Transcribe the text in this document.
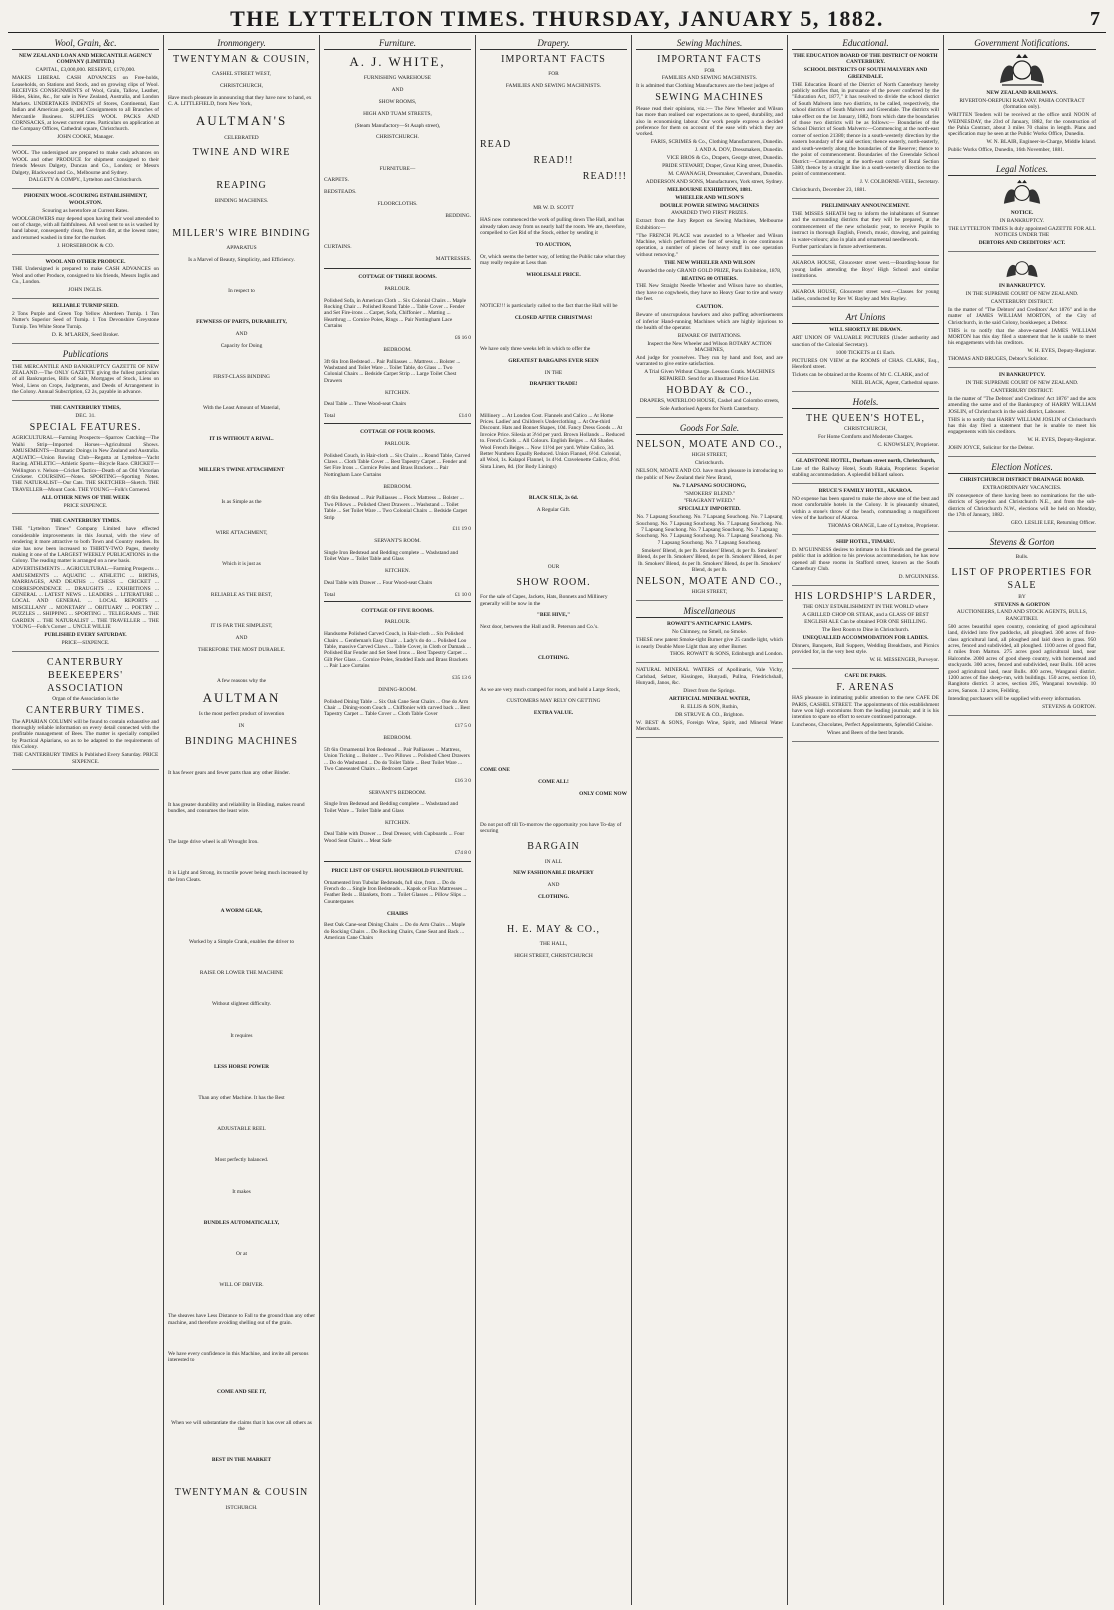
THE LYTTELTON TIMES. THURSDAY, JANUARY 5, 1882.	7
Wool, Grain, &c.

NEW ZEALAND LOAN AND MERCANTILE AGENCY COMPANY (LIMITED.)

CAPITAL, £3,000,000. RESERVE, £170,000.

MAKES LIBERAL CASH ADVANCES on Free-holds, Leaseholds, on Stations and Stock, and on growing clips of Wool. RECEIVES CONSIGNMENTS of Wool, Grain, Tallow, Leather, Hides, Skins, &c., for sale in New Zealand, Australia, and London Markets. UNDERTAKES INDENTS of Stores, Continental, East Indian and American goods, and Consignments to all Branches of Mercantile Business. SUPPLIES WOOL PACKS AND CORNSACKS, at lowest current rates. Particulars on application at the Company Offices, Cathedral square, Christchurch.

JOHN COOKE, Manager.

WOOL. The undersigned are prepared to make cash advances on WOOL and other PRODUCE for shipment consigned to their friends Messrs Dalgety, Duncan and Co., London; or Messrs Dalgety, Blackwood and Co., Melbourne and Sydney.

DALGETY & COMPY., Lyttelton and Christchurch.

PHOENIX WOOL-SCOURING ESTABLISHMENT, WOOLSTON.

Scouring as heretofore at Current Rates.

WOOLGROWERS may depend upon having their wool attended to out of charge, with all faithfulness. All wool sent to us is washed by hand labour, consequently clean, free from dirt, at the lowest rates; and returned washed in time for the market.

J. HORSEBROOK & CO.

WOOL AND OTHER PRODUCE.

THE Undersigned is prepared to make CASH ADVANCES on Wool and other Produce, consigned to his friends, Messrs Inglis and Co., London.

JOHN INGLIS.

RELIABLE TURNIP SEED.

2 Tons Purple and Green Top Yellow Aberdeen Turnip. 1 Ton Nutter's Superior Seed of Turnip. 1 Ton Devonshire Greystone Turnip. Ten White Stone Turnip.

D. R. M'LAREN, Seed Broker.

Publications

THE MERCANTILE AND BANKRUPTCY GAZETTE OF NEW ZEALAND.—The ONLY GAZETTE giving the fullest particulars of all Bankruptcies, Bills of Sale, Mortgages of Stock, Liens on Wool, Liens on Crops, Judgments, and Deeds of Arrangement in the Colony. Annual Subscription, £2 2s, payable in advance.

THE CANTERBURY TIMES,

DEC. 31.

SPECIAL FEATURES.

AGRICULTURAL—Farming Prospects—Sparrow Catching—The Waihi Strip—Imported Horses—Agricultural Shows. AMUSEMENTS—Dramatic Doings in New Zealand and Australia. AQUATIC—Union Rowing Club—Regatta at Lyttelton—Yacht Racing. ATHLETIC—Athletic Sports—Bicycle Race. CRICKET—Wellington v. Nelson—Cricket Tactics—Death of an Old Victorian Cricketer. COURSING—Notes. SPORTING—Sporting Notes. THE NATURALIST—Our Cats. THE SKETCHER—Sketch. THE TRAVELLER—Mount Cook. THE YOUNG—Folk's Cornered.

ALL OTHER NEWS OF THE WEEK

PRICE SIXPENCE.

THE CANTERBURY TIMES.

THE "Lyttelton Times" Company Limited have effected considerable improvements in this Journal, with the view of rendering it more attractive to both Town and Country readers. Its size has now been increased to THIRTY-TWO Pages, thereby making it one of the LARGEST WEEKLY PUBLICATIONS in the Colony. The reading matter is arranged on a new basis.

ADVERTISEMENTS ... AGRICULTURAL—Farming Prospects ... AMUSEMENTS ... AQUATIC ... ATHLETIC ... BIRTHS, MARRIAGES, AND DEATHS ... CHESS ... CRICKET ... CORRESPONDENCE ... DRAUGHTS ... EXHIBITIONS ... GENERAL ... LATEST NEWS ... LEADERS ... LITERATURE ... LOCAL AND GENERAL ... LOCAL REPORTS ... MISCELLANY ... MONETARY ... OBITUARY ... POETRY ... PUZZLES ... SHIPPING ... SPORTING ... TELEGRAMS ... THE GARDEN ... THE NATURALIST ... THE TRAVELLER ... THE YOUNG—Folk's Corner ... UNCLE WILLIE

PUBLISHED EVERY SATURDAY.

PRICE—SIXPENCE.

CANTERBURY BEEKEEPERS' ASSOCIATION

Organ of the Association is the

CANTERBURY TIMES.

The APIARIAN COLUMN will be found to contain exhaustive and thoroughly reliable information on every detail connected with the profitable management of Bees. The matter is specially compiled by Practical Apiarians, so as to be adapted to the requirements of this Colony.

THE CANTERBURY TIMES Is Published Every Saturday. PRICE SIXPENCE.

Ironmongery.

TWENTYMAN & COUSIN,

CASHEL STREET WEST,

CHRISTCHURCH,

Have much pleasure in announcing that they have now to hand, ex C. A. LITTLEFIELD, from New York,

AULTMAN'S

CELEBRATED

TWINE AND WIRE

REAPING

BINDING MACHINES.

MILLER'S WIRE BINDING

APPARATUS

Is a Marvel of Beauty, Simplicity, and Efficiency.

In respect to

FEWNESS OF PARTS, DURABILITY,

AND

Capacity for Doing

FIRST-CLASS BINDING

With the Least Amount of Material,

IT IS WITHOUT A RIVAL.

MILLER'S TWINE ATTACHMENT

Is as Simple as the

WIRE ATTACHMENT,

Which it is just as

RELIABLE AS THE BEST,

IT IS FAR THE SIMPLEST,

AND

THEREFORE THE MOST DURABLE.

A few reasons why the

AULTMAN

Is the most perfect product of invention

IN

BINDING MACHINES

It has fewer gears and fewer parts than any other Binder.

It has greater durability and reliability in Binding, makes round bundles, and consumes the least wire.

The large drive wheel is all Wrought Iron.

It is Light and Strong, its tractile power being much increased by the Iron Cleats.

A WORM GEAR,

Worked by a Simple Crank, enables the driver to

RAISE OR LOWER THE MACHINE

Without slightest difficulty.

It requires

LESS HORSE POWER

Than any other Machine. It has the Best

ADJUSTABLE REEL

Most perfectly balanced.

It makes

BUNDLES AUTOMATICALLY,

Or at

WILL OF DRIVER.

The sheaves have Less Distance to Fall to the ground than any other machine, and therefore avoiding shelling out of the grain.

We have every confidence in this Machine, and invite all persons interested to

COME AND SEE IT,

When we will substantiate the claims that it has over all others as the

BEST IN THE MARKET

TWENTYMAN & COUSIN

ISTCHURCH.

Furniture.

A. J. WHITE,

FURNISHING WAREHOUSE

AND

SHOW ROOMS,

HIGH AND TUAM STREETS,

(Steam Manufactory—St Asaph street),

CHRISTCHURCH.

FURNITURE—

CARPETS.

BEDSTEADS.

FLOORCLOTHS.

BEDDING.

CURTAINS.

MATTRESSES.

COTTAGE OF THREE ROOMS.

PARLOUR.

Polished Sofa, in American Cloth ... Six Colonial Chairs ... Maple Rocking Chair ... Polished Round Table ... Table Cover ... Fender and Set Fire-irons ... Carpet, Sofa, Chiffonier ... Matting ... Hearthrug ... Cornice Poles, Rings ... Pair Nottingham Lace Curtains

£6 16 0

BEDROOM.

3ft 6in Iron Bedstead ... Pair Palliasses ... Mattress ... Bolster ... Washstand and Toilet Ware ... Toilet Table, do Glass ... Two Colonial Chairs ... Bedside Carpet Strip ... Large Toilet Chest Drawers

KITCHEN.

Deal Table ... Three Wood-seat Chairs

Total	£14 0

COTTAGE OF FOUR ROOMS.

PARLOUR.

Polished Couch, in Hair-cloth ... Six Chairs ... Round Table, Carved Claws ... Cloth Table Cover ... Best Tapestry Carpet ... Fender and Set Fire Irons ... Cornice Poles and Brass Brackets ... Pair Nottingham Lace Curtains

BEDROOM.

4ft 6in Bedstead ... Pair Palliasses ... Flock Mattress ... Bolster ... Two Pillows ... Polished Chest Drawers ... Washstand ... Toilet Table ... Set Toilet Ware ... Two Colonial Chairs ... Bedside Carpet Strip

£11 19 0

SERVANT'S ROOM.

Single Iron Bedstead and Bedding complete ... Washstand and Toilet Ware ... Toilet Table and Glass

KITCHEN.

Deal Table with Drawer ... Four Wood-seat Chairs

Total	£1 10 0

COTTAGE OF FIVE ROOMS.

PARLOUR.

Handsome Polished Carved Couch, in Hair-cloth ... Six Polished Chairs ... Gentleman's Easy Chair ... Lady's do do ... Polished Loo Table, massive Carved Claws ... Table Cover, in Cloth or Damask ... Polished Bar Fender and Set Steel Irons ... Best Tapestry Carpet ... Gilt Pier Glass ... Cornice Poles, Studded Ends and Brass Brackets ... Pair Lace Curtains

£35 13 6

DINING-ROOM.

Polished Dining Table ... Six Oak Cane Seat Chairs ... One do Arm Chair ... Dining-room Couch ... Chiffonier with carved back ... Best Tapestry Carpet ... Table Cover ... Cloth Table Cover

£17 5 0

BEDROOM.

5ft 6in Ornamental Iron Bedstead ... Pair Palliasses ... Mattress, Union Ticking ... Bolster ... Two Pillows ... Polished Chest Drawers ... Do do Washstand ... Do do Toilet Table ... Best Toilet Ware ... Two Caneseated Chairs ... Bedroom Carpet

£16 3 0

SERVANT'S BEDROOM.

Single Iron Bedstead and Bedding complete ... Washstand and Toilet Ware ... Toilet Table and Glass

KITCHEN.

Deal Table with Drawer ... Deal Dresser, with Cupboards ... Four Wood Seat Chairs ... Meat Safe

£74 8 0

PRICE LIST OF USEFUL HOUSEHOLD FURNITURE.

Ornamented Iron Tubular Bedsteads, full size, from ... Do do French do ... Single Iron Bedsteads ... Kapok or Flax Mattresses ... Feather Beds ... Blankets, from ... Toilet Glasses ... Pillow Slips ... Counterpanes

CHAIRS

Best Oak Cane-seat Dining Chairs ... Do do Arm Chairs ... Maple do Rocking Chairs ... Do Rocking Chairs, Cane Seat and Back ... American Cane Chairs

Drapery.

IMPORTANT FACTS

FOR

FAMILIES AND SEWING MACHINISTS.

READ

READ!!

READ!!!

MR W. D. SCOTT

HAS now commenced the work of pulling down The Hall, and has already taken away from us nearly half the room. We are, therefore, compelled to Get Rid of the Stock, either by sending it

TO AUCTION,

Or, which seems the better way, of letting the Public take what they may really require at Less than

WHOLESALE PRICE.

NOTICE!!! is particularly called to the fact that the Hall will be

CLOSED AFTER CHRISTMAS!

We have only three weeks left in which to offer the

GREATEST BARGAINS EVER SEEN

IN THE

DRAPERY TRADE!

Millinery ... At London Cost. Flannels and Calico ... At Home Prices. Ladies' and Children's Underclothing ... At One-third Discount. Hats and Bonnet Shapes, 10d. Fancy Dress Goods ... At Invoice Price. Silesia at 3½d per yard. Brown Hollands ... Reduced to. French Cords ... All Colours. English Beiges ... All Shades. Wool French Beiges ... Now 11½d per yard. White Calico, 3d. Better Numbers Equally Reduced. Union Flannel, 6½d. Colonial, all Wool, 1s. Kalapol Flannel, 1s 4½d. Cravelenette Calico, 4½d. Sinta Linen, 8d. (for Body Linings)

BLACK SILK, 2s 6d.

A Regular Gift.

OUR

SHOW ROOM.

For the sale of Capes, Jackets, Hats, Bonnets and Millinery generally will be now in the

"BEE HIVE,"

Next door, between the Hall and R. Peterson and Co.'s.

CLOTHING.

As we are very much cramped for room, and hold a Large Stock,

CUSTOMERS MAY RELY ON GETTING

EXTRA VALUE.

COME ONE

COME ALL!

ONLY COME NOW

Do not put off till To-morrow the opportunity you have To-day of securing

BARGAIN

IN ALL

NEW FASHIONABLE DRAPERY

AND

CLOTHING.

H. E. MAY & CO.,

THE HALL,

HIGH STREET, CHRISTCHURCH

Sewing Machines.

IMPORTANT FACTS

FOR

FAMILIES AND SEWING MACHINISTS.

It is admitted that Clothing Manufacturers are the best judges of

SEWING MACHINES

Please read their opinions, viz.:— The New Wheeler and Wilson has more than realised our expectations as to speed, durability, and also in economising labour. Our work people express a decided preference for them on account of the ease with which they are worked.

FARIS, SCRIMES & Co., Clothing Manufacturers, Dunedin.

J. AND A. DOV, Dressmakers, Dunedin.

VICE BROS & Co., Drapers, George street, Dunedin.

PRIDE STEWART, Draper, Great King street, Dunedin.

M. CAVANAGH, Dressmaker, Caversham, Dunedin.

ADDERSON AND SONS, Manufacturers, York street, Sydney.

MELBOURNE EXHIBITION, 1881.

WHEELER AND WILSON'S

DOUBLE POWER SEWING MACHINES

AWARDED TWO FIRST PRIZES.

Extract from the Jury Report on Sewing Machines, Melbourne Exhibition:—

"The FRENCH PLACE was awarded to a Wheeler and Wilson Machine, which performed the feat of sewing in one continuous operation, a number of pieces of heavy stuff in one operation without removing."

THE NEW WHEELER AND WILSON

Awarded the only GRAND GOLD PRIZE, Paris Exhibition, 1878,

BEATING 80 OTHERS.

THE New Straight Needle Wheeler and Wilson have no shuttles, they have no cogwheels, they have no Heavy Gear to tire and weary the feet.

CAUTION.

Beware of unscrupulous hawkers and also puffing advertisements of inferior Hand-running Machines which are highly injurious to the health of the operator.

BEWARE OF IMITATIONS.

Inspect the New Wheeler and Wilson ROTARY ACTION MACHINES,

And judge for yourselves. They run by hand and foot, and are warranted to give entire satisfaction.

A Trial Given Without Charge. Lessons Gratis. MACHINES REPAIRED. Send for an Illustrated Price List.

HOBDAY & CO.,

DRAPERS, WATERLOO HOUSE, Cashel and Colombo streets,

Sole Authorised Agents for North Canterbury.

Goods For Sale.

NELSON, MOATE AND CO.,

HIGH STREET,

Christchurch.

NELSON, MOATE AND CO. have much pleasure in introducing to the public of New Zealand their New Brand,

No. 7 LAPSANG SOUCHONG,

"SMOKERS' BLEND."

"FRAGRANT WEED."

SPECIALLY IMPORTED.

No. 7 Lapsang Souchong. No. 7 Lapsang Souchong. No. 7 Lapsang Souchong. No. 7 Lapsang Souchong. No. 7 Lapsang Souchong. No. 7 Lapsang Souchong. No. 7 Lapsang Souchong. No. 7 Lapsang Souchong. No. 7 Lapsang Souchong. No. 7 Lapsang Souchong. No. 7 Lapsang Souchong. No. 7 Lapsang Souchong.

Smokers' Blend, 4s per lb. Smokers' Blend, 4s per lb. Smokers' Blend, 4s per lb. Smokers' Blend, 4s per lb. Smokers' Blend, 4s per lb. Smokers' Blend, 4s per lb. Smokers' Blend, 4s per lb. Smokers' Blend, 4s per lb.

NELSON, MOATE AND CO.,

HIGH STREET,

Miscellaneous

ROWATT'S ANTICAPNIC LAMPS.

No Chimney, no Smell, no Smoke.

THESE new patent Smoke-tight Burner give 25 candle light, which is nearly Double More Light than any other Burner.

THOS. ROWATT & SONS, Edinburgh and London.

NATURAL MINERAL WATERS of Apollinaris, Vale Vichy, Carlsbad, Seltzer, Kissingen, Hunyadi, Pullna, Friedrichshall, Hunyadi, Janos, &c.

Direct from the Springs.

ARTIFICIAL MINERAL WATER,

R. ELLIS & SON, Ruthin,

DR STRUVE & CO., Brighton.

W. BEST & SONS, Foreign Wine, Spirit, and Mineral Water Merchants.

Educational.

THE EDUCATION BOARD OF THE DISTRICT OF NORTH CANTERBURY.

SCHOOL DISTRICTS OF SOUTH MALVERN AND GREENDALE.

THE Education Board of the District of North Canterbury hereby publicly notifies that, in pursuance of the power conferred by the "Education Act, 1877," it has resolved to divide the school district of South Malvern into two districts, to be called, respectively, the school districts of South Malvern and Greendale. The districts will take effect on the 1st January, 1882, from which date the boundaries of those two districts will be as follows:— Boundaries of the School District of South Malvern:—Commencing at the north-east corner of section 21380; thence in a south-westerly direction by the eastern boundary of the said section; thence easterly, north-easterly, and south-westerly along the boundaries of the Reserve; thence to the point of commencement. Boundaries of the Greendale School District:—Commencing at the north-east corner of Rural Section 5380; thence by a straight line in a south-westerly direction to the point of commencement.

J. V. COLBORNE-VEEL, Secretary.

Christchurch, December 23, 1881.

PRELIMINARY ANNOUNCEMENT.

THE MISSES SHEATH beg to inform the inhabitants of Sumner and the surrounding districts that they will be prepared, at the commencement of the new scholastic year, to receive Pupils to instruct in thorough English, French, music, drawing, and painting in water-colours; also in plain and ornamental needlework.

Further particulars in future advertisements.

AKAROA HOUSE, Gloucester street west.—Boarding-house for young ladies attending the Boys' High School and similar institutions.

AKAROA HOUSE, Gloucester street west.—Classes for young ladies, conducted by Rev W. Bayley and Mrs Bayley.

Art Unions

WILL SHORTLY BE DRAWN.

ART UNION OF VALUABLE PICTURES (Under authority and sanction of the Colonial Secretary).

1000 TICKETS at £1 Each.

PICTURES ON VIEW at the ROOMS of CHAS. CLARK, Esq., Hereford street.

Tickets can be obtained at the Rooms of Mr C. CLARK, and of

NEIL BLACK, Agent, Cathedral square.

Hotels.

THE QUEEN'S HOTEL,

CHRISTCHURCH,

For Home Comforts and Moderate Charges.

C. KNOWSLEY, Proprietor.

GLADSTONE HOTEL, Durham street north, Christchurch,

Late of the Railway Hotel, South Rakaia, Proprietor. Superior stabling accommodation. A splendid billiard saloon.

BRUCE'S FAMILY HOTEL, AKAROA.

NO expense has been spared to make the above one of the best and most comfortable hotels in the Colony. It is pleasantly situated, within a stone's throw of the beach, commanding a magnificent view of the harbour of Akaroa.

THOMAS ORANGE, Late of Lyttelton, Proprietor.

SHIP HOTEL, TIMARU.

D. M'GUINNESS desires to intimate to his friends and the general public that in addition to his previous accommodation, he has now opened all those rooms in Stafford street, known as the South Canterbury Club.

D. M'GUINNESS.

HIS LORDSHIP'S LARDER,

THE ONLY ESTABLISHMENT IN THE WORLD where

A GRILLED CHOP OR STEAK, and a GLASS OF BEST ENGLISH ALE Can be obtained FOR ONE SHILLING.

The Best Room to Dine in Christchurch.

UNEQUALLED ACCOMMODATION FOR LADIES.

Dinners, Banquets, Ball Suppers, Wedding Breakfasts, and Picnics provided for, in the very best style.

W. H. MESSENGER, Purveyor.

CAFE DE PARIS.

F. ARENAS

HAS pleasure in intimating public attention to the new CAFE DE PARIS, CASHEL STREET. The appointments of this establishment have won high encomiums from the leading journals; and it is his intention to spare no effort to secure continued patronage.

Luncheons, Chocolates, Perfect Appointments, Splendid Cuisine.

Wines and Beers of the best brands.

Government Notifications.

NEW ZEALAND RAILWAYS.

RIVERTON-OREPUKI RAILWAY. PAHIA CONTRACT (formation only).

WRITTEN Tenders will be received at the office until NOON of WEDNESDAY, the 23rd of January, 1882, for the construction of the Pahia Contract, about 3 miles 70 chains in length. Plans and specification may be seen at the Public Works Office, Dunedin.

W. N. BLAIR, Engineer-in-Charge, Middle Island.

Public Works Office, Dunedin, 16th November, 1881.

Legal Notices.

NOTICE.

IN BANKRUPTCY.

THE LYTTELTON TIMES Is duly appointed GAZETTE FOR ALL NOTICES UNDER THE

DEBTORS AND CREDITORS' ACT.

IN BANKRUPTCY.

IN THE SUPREME COURT OF NEW ZEALAND.

CANTERBURY DISTRICT.

In the matter of "The Debtors' and Creditors' Act 1876" and in the matter of JAMES WILLIAM MORTON, of the City of Christchurch, in the said Colony, bookkeeper, a Debtor.

THIS is to notify that the above-named JAMES WILLIAM MORTON has this day filed a statement that he is unable to meet his engagements with his creditors.

W. H. EYES, Deputy-Registrar.

THOMAS AND BRUGES, Debtor's Solicitor.

IN BANKRUPTCY.

IN THE SUPREME COURT OF NEW ZEALAND.

CANTERBURY DISTRICT.

In the matter of "The Debtors' and Creditors' Act 1876" and the acts amending the same and of the Bankruptcy of HARRY WILLIAM JOSLIN, of Christchurch in the said district, Labourer.

THIS is to notify that HARRY WILLIAM JOSLIN of Christchurch has this day filed a statement that he is unable to meet his engagements with his creditors.

W. H. EYES, Deputy-Registrar.

JOHN JOYCE, Solicitor for the Debtor.

Election Notices.

CHRISTCHURCH DISTRICT DRAINAGE BOARD.

EXTRAORDINARY VACANCIES.

IN consequence of there having been no nominations for the sub-districts of Spreydon and Christchurch N.E., and from the sub-districts of Christchurch N.W., elections will be held on Monday, the 17th of January, 1882.

GEO. LESLIE LEE, Returning Officer.

Stevens & Gorton

Bulls.

LIST OF PROPERTIES FOR SALE

BY

STEVENS & GORTON

AUCTIONEERS, LAND AND STOCK AGENTS, BULLS, RANGITIKEI.

500 acres beautiful open country, consisting of good agricultural land, divided into five paddocks, all ploughed. 300 acres of first-class agricultural land, all ploughed and laid down in grass. 950 acres, fenced and subdivided, all ploughed. 1100 acres of good flat, 4 miles from Marton. 275 acres good agricultural land, near Halcombe. 2000 acres of good sheep country, with homestead and stockyards. 300 acres, fenced and subdivided, near Bulls. 160 acres good agricultural land, near Bulls. 400 acres, Wanganui district. 1200 acres of fine sheep-run, with buildings. 150 acres, section 10, Rangitoto district. 3 acres, section 205, Wanganui township. 10 acres, Sanson. 12 acres, Feilding.

Intending purchasers will be supplied with every information.

STEVENS & GORTON.
